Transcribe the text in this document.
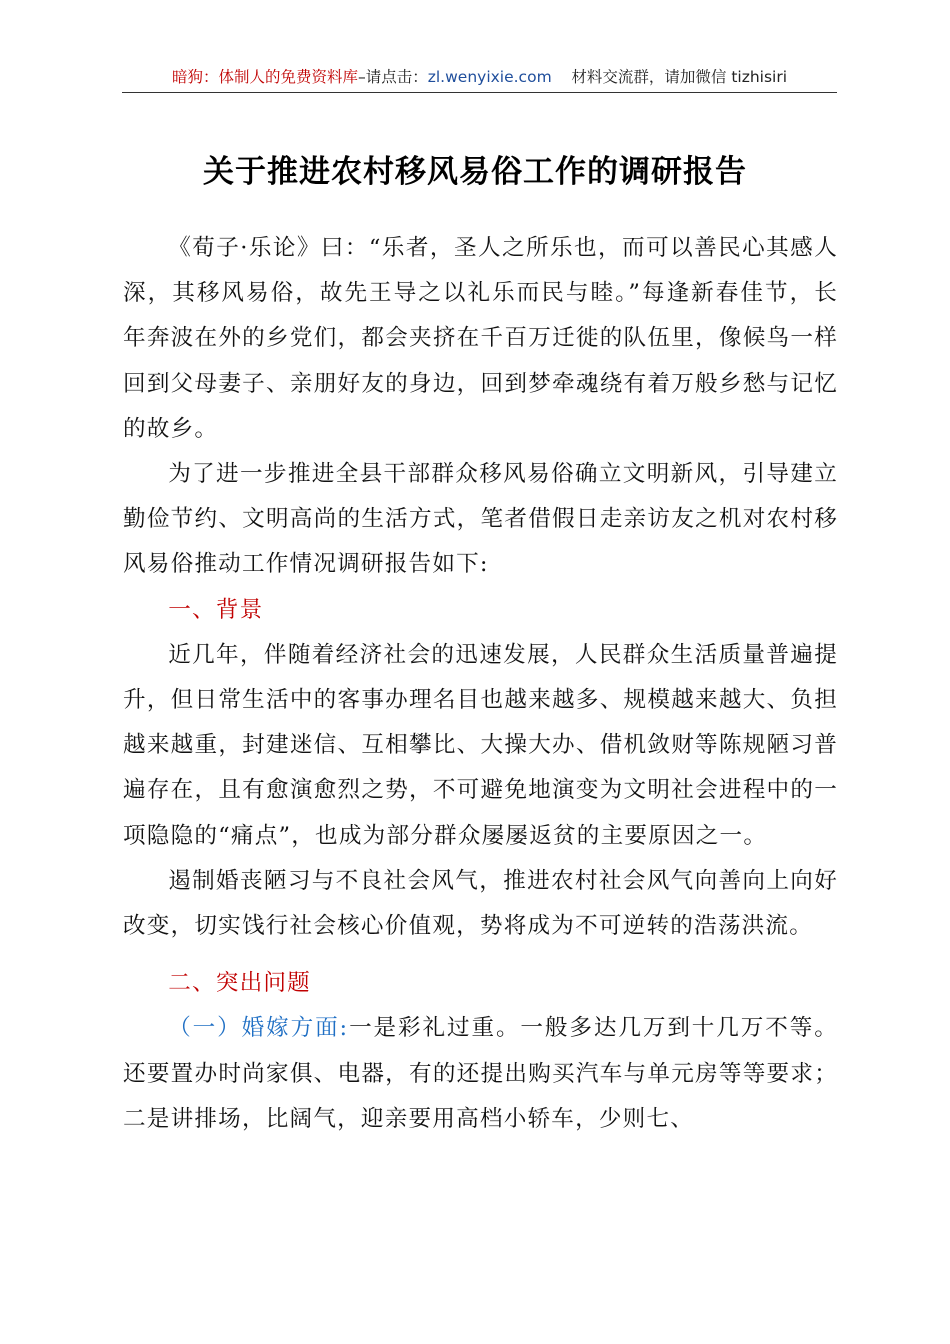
暗狗：体制人的免费资料库–请点击：zl.wenyixie.com 材料交流群，请加微信 tizhisiri
关于推进农村移风易俗工作的调研报告

《荀子·乐论》曰：“乐者，圣人之所乐也，而可以善民心其感人深，其移风易俗，故先王导之以礼乐而民与睦。”每逢新春佳节，长年奔波在外的乡党们，都会夹挤在千百万迁徙的队伍里，像候鸟一样回到父母妻子、亲朋好友的身边，回到梦牵魂绕有着万般乡愁与记忆的故乡。

为了进一步推进全县干部群众移风易俗确立文明新风，引导建立勤俭节约、文明高尚的生活方式，笔者借假日走亲访友之机对农村移风易俗推动工作情况调研报告如下:

一、背景

近几年，伴随着经济社会的迅速发展，人民群众生活质量普遍提升，但日常生活中的客事办理名目也越来越多、规模越来越大、负担越来越重，封建迷信、互相攀比、大操大办、借机敛财等陈规陋习普遍存在，且有愈演愈烈之势，不可避免地演变为文明社会进程中的一项隐隐的“痛点”，也成为部分群众屡屡返贫的主要原因之一。

遏制婚丧陋习与不良社会风气，推进农村社会风气向善向上向好改变，切实饯行社会核心价值观，势将成为不可逆转的浩荡洪流。

二、突出问题

（一）婚嫁方面:一是彩礼过重。一般多达几万到十几万不等。还要置办时尚家俱、电器，有的还提出购买汽车与单元房等等要求；二是讲排场，比阔气，迎亲要用高档小轿车，少则七、
